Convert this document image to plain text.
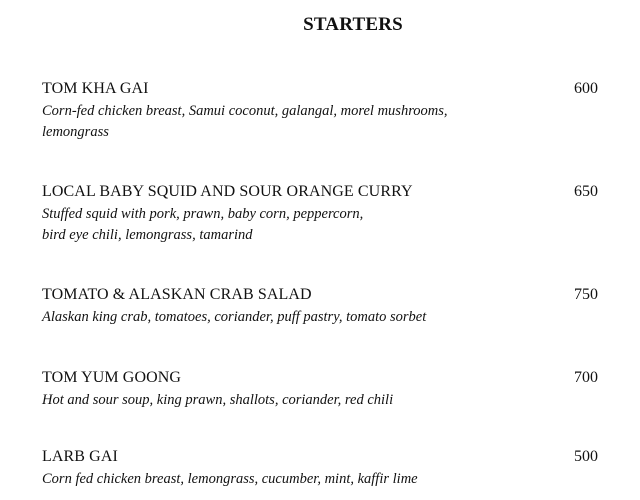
STARTERS
TOM KHA GAI	600
Corn-fed chicken breast, Samui coconut, galangal, morel mushrooms,
lemongrass
LOCAL BABY SQUID AND SOUR ORANGE CURRY	650
Stuffed squid with pork, prawn, baby corn, peppercorn,
bird eye chili, lemongrass, tamarind
TOMATO & ALASKAN CRAB SALAD	750
Alaskan king crab, tomatoes, coriander, puff pastry, tomato sorbet
TOM YUM GOONG	700
Hot and sour soup, king prawn, shallots, coriander, red chili
LARB GAI	500
Corn fed chicken breast, lemongrass, cucumber, mint, kaffir lime
